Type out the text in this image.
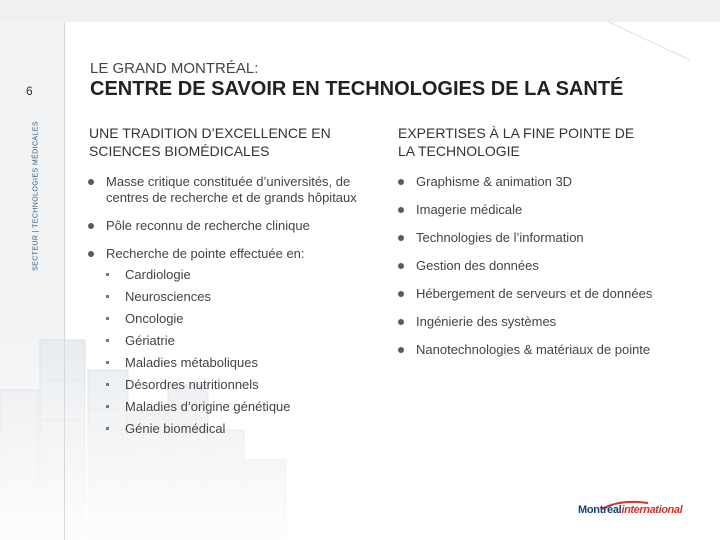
6
SECTEUR | TECHNOLOGIES MÉDICALES
LE GRAND MONTRÉAL:
CENTRE DE SAVOIR EN TECHNOLOGIES DE LA SANTÉ
UNE TRADITION D’EXCELLENCE EN
SCIENCES BIOMÉDICALES
Masse critique constituée d’universités, de
centres de recherche et de grands hôpitaux
Pôle reconnu de recherche clinique
Recherche de pointe effectuée en:
Cardiologie
Neurosciences
Oncologie
Gériatrie
Maladies métaboliques
Désordres nutritionnels
Maladies d’origine génétique
Génie biomédical
EXPERTISES À LA FINE POINTE DE
LA TECHNOLOGIE
Graphisme & animation 3D
Imagerie médicale
Technologies de l’information
Gestion des données
Hébergement de serveurs et de données
Ingénierie des systèmes
Nanotechnologies & matériaux de pointe
Montréalinternational
